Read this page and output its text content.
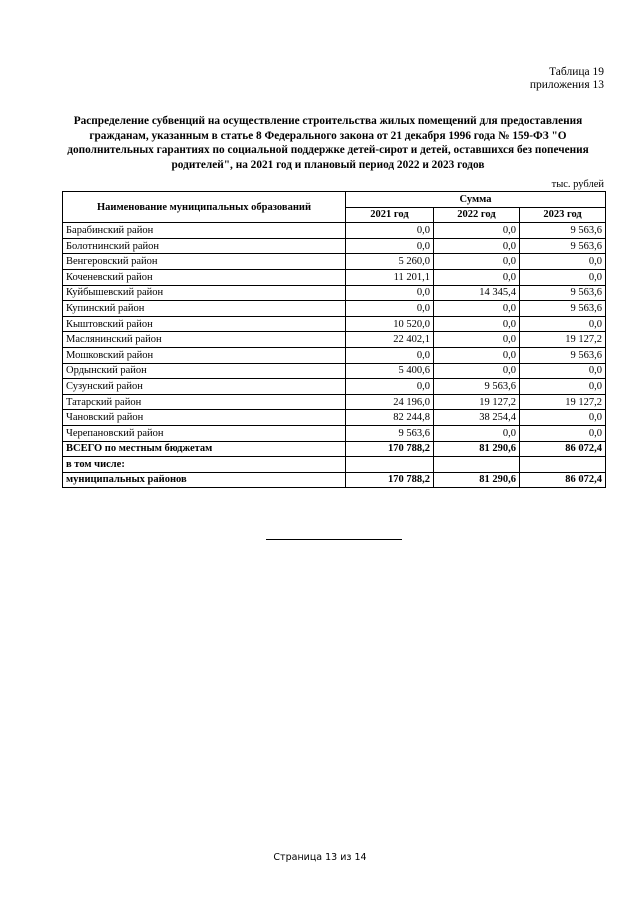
Таблица 19
приложения 13
Распределение субвенций на осуществление строительства жилых помещений для предоставления гражданам, указанным в статье 8 Федерального закона от 21 декабря 1996 года № 159-ФЗ "О дополнительных гарантиях по социальной поддержке детей-сирот и детей, оставшихся без попечения родителей", на 2021 год и плановый период 2022 и 2023 годов
тыс. рублей
Наименование муниципальных образований	Сумма		
	2021 год	2022 год	2023 год
Барабинский район	0,0	0,0	9 563,6
Болотнинский район	0,0	0,0	9 563,6
Венгеровский район	5 260,0	0,0	0,0
Коченевский район	11 201,1	0,0	0,0
Куйбышевский район	0,0	14 345,4	9 563,6
Купинский район	0,0	0,0	9 563,6
Кыштовский район	10 520,0	0,0	0,0
Маслянинский район	22 402,1	0,0	19 127,2
Мошковский район	0,0	0,0	9 563,6
Ордынский район	5 400,6	0,0	0,0
Сузунский район	0,0	9 563,6	0,0
Татарский район	24 196,0	19 127,2	19 127,2
Чановский район	82 244,8	38 254,4	0,0
Черепановский район	9 563,6	0,0	0,0
ВСЕГО по местным бюджетам	170 788,2	81 290,6	86 072,4
в том числе:			
муниципальных районов	170 788,2	81 290,6	86 072,4
Страница 13 из 14
